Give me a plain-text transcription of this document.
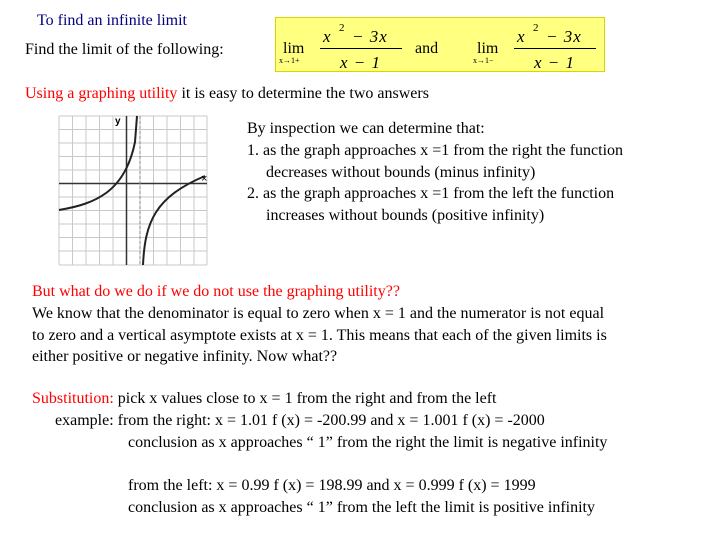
To find an infinite limit
Find the limit of the following:	lim
x→1+
x 2 − 3x
x − 1
and lim
x→1−
x 2 − 3x
x − 1
Using a graphing utility it is easy to determine the two answers
y
×
By inspection we can determine that:
1. as the graph approaches x =1 from the right the function
decreases without bounds (minus infinity)
2. as the graph approaches x =1 from the left the function
increases without bounds (positive infinity)
But what do we do if we do not use the graphing utility??
We know that the denominator is equal to zero when x = 1 and the numerator is not equal
to zero and a vertical asymptote exists at x = 1. This means that each of the given limits is
either positive or negative infinity. Now what??
Substitution: pick x values close to x = 1 from the right and from the left
example: from the right: x = 1.01 f (x) = -200.99 and x = 1.001 f (x) = -2000
conclusion as x approaches “ 1” from the right the limit is negative infinity
from the left: x = 0.99 f (x) = 198.99 and x = 0.999 f (x) = 1999
conclusion as x approaches “ 1” from the left the limit is positive infinity
